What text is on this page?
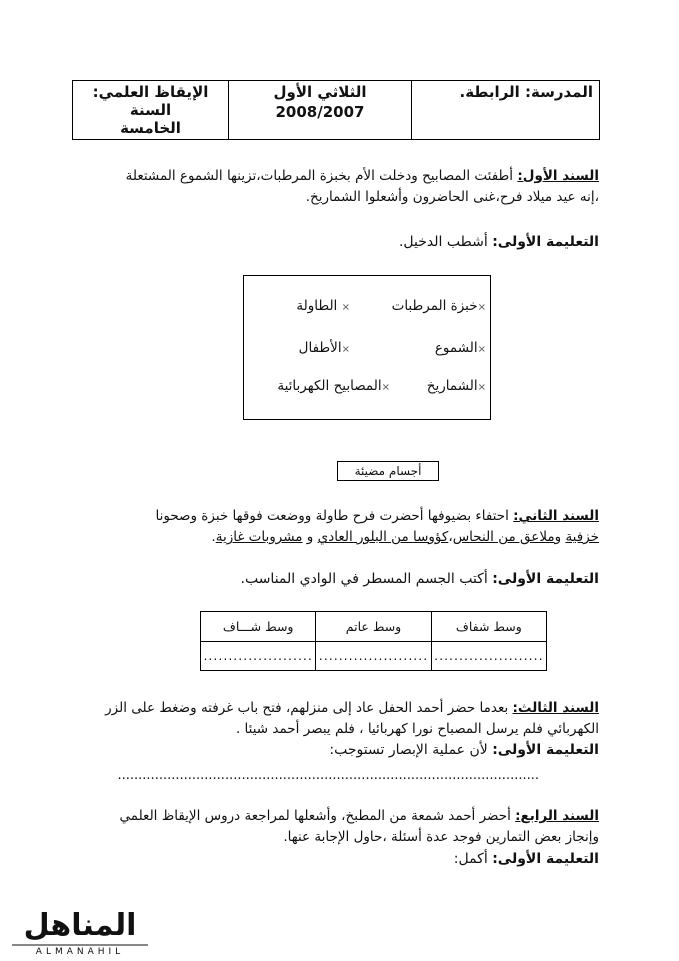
المدرسة: الرابطة.	
الثلاثي الأول
2008/2007

الإيقاظ العلمي: السنة
الخامسة
السند الأول: أطفئت المصابيح ودخلت الأم بخبزة المرطبات،تزينها الشموع المشتعلة
،إنه عيد ميلاد فرح،غنى الحاضرون وأشعلوا الشماريخ.
التعليمة الأولى: أشطب الدخيل.
×خبزة المرطبات
× الطاولة
×الشموع
×الأطفال
×الشماريخ
×المصابيح الكهربائية
أجسام مضيئة
السند الثاني: احتفاء بضيوفها أحضرت فرح طاولة ووضعت فوقها خبزة وصحونا
خزفية وملاعق من النحاس،كؤوسا من البلور العادي و مشروبات غازية.
التعليمة الأولى: أكتب الجسم المسطر في الوادي المناسب.
وسط شفاف	وسط عاتم	وسط شـــاف
......................	......................	......................
السند الثالث: بعدما حضر أحمد الحفل عاد إلى منزلهم، فتح باب غرفته وضغط على الزر
الكهربائي فلم يرسل المصباح نورا كهربائيا ، فلم يبصر أحمد شيئا .
التعليمة الأولى: لأن عملية الإبصار تستوجب:
......................................................................................................
السند الرابع: أحضر أحمد شمعة من المطبخ، وأشعلها لمراجعة دروس الإيقاظ العلمي
وإنجاز بعض التمارين فوجد عدة أسئلة ،حاول الإجابة عنها.
التعليمة الأولى: أكمل:
المناهل
ALMANAHIL
